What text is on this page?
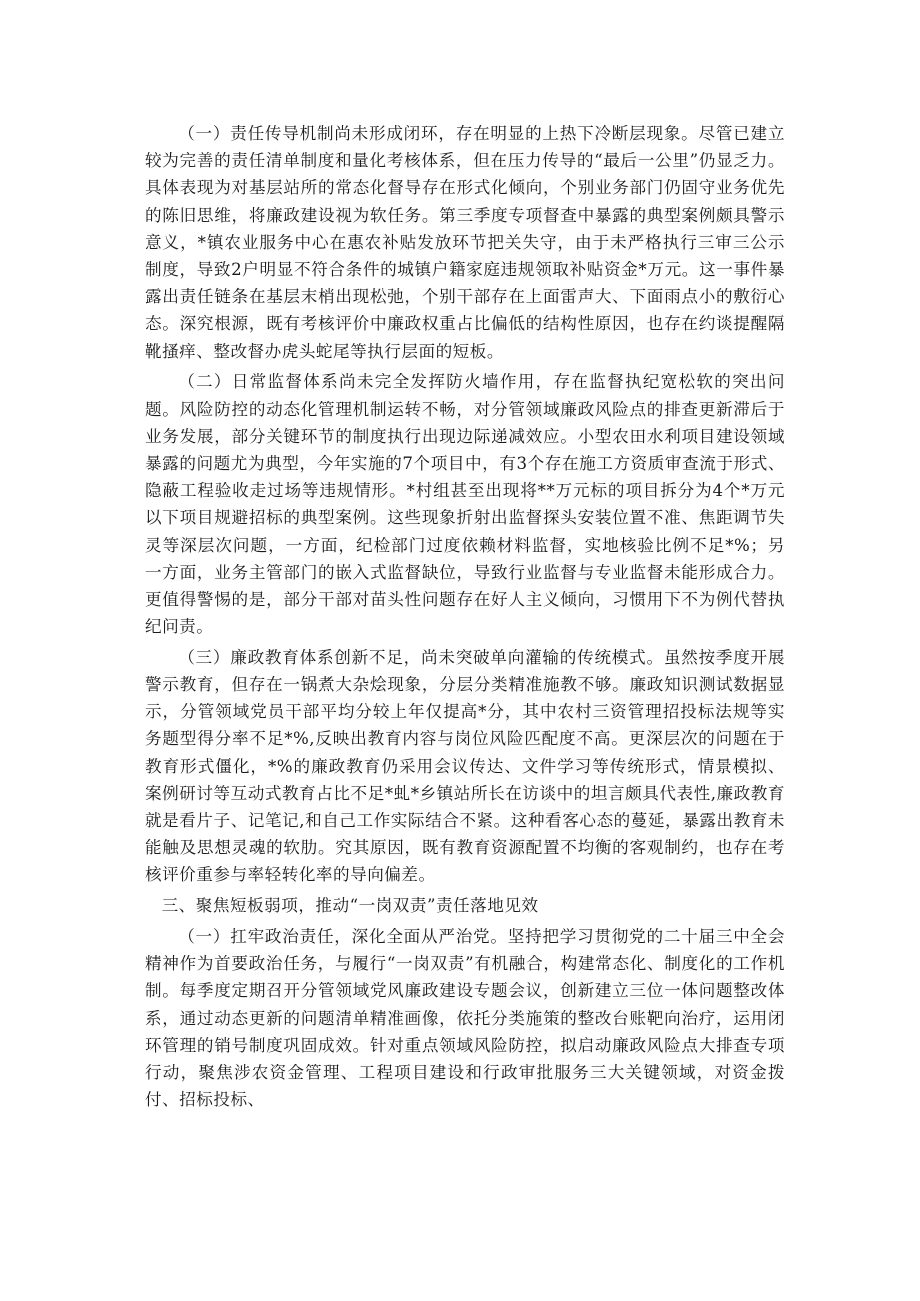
（一）责任传导机制尚未形成闭环，存在明显的上热下冷断层现象。尽管已建立较为完善的责任清单制度和量化考核体系，但在压力传导的“最后一公里”仍显乏力。具体表现为对基层站所的常态化督导存在形式化倾向，个别业务部门仍固守业务优先的陈旧思维，将廉政建设视为软任务。第三季度专项督查中暴露的典型案例颇具警示意义，*镇农业服务中心在惠农补贴发放环节把关失守，由于未严格执行三审三公示制度，导致2户明显不符合条件的城镇户籍家庭违规领取补贴资金*万元。这一事件暴露出责任链条在基层末梢出现松弛，个别干部存在上面雷声大、下面雨点小的敷衍心态。深究根源，既有考核评价中廉政权重占比偏低的结构性原因，也存在约谈提醒隔靴搔痒、整改督办虎头蛇尾等执行层面的短板。

（二）日常监督体系尚未完全发挥防火墙作用，存在监督执纪宽松软的突出问题。风险防控的动态化管理机制运转不畅，对分管领域廉政风险点的排查更新滞后于业务发展，部分关键环节的制度执行出现边际递减效应。小型农田水利项目建设领域暴露的问题尤为典型，今年实施的7个项目中，有3个存在施工方资质审查流于形式、隐蔽工程验收走过场等违规情形。*村组甚至出现将**万元标的项目拆分为4个*万元以下项目规避招标的典型案例。这些现象折射出监督探头安装位置不准、焦距调节失灵等深层次问题，一方面，纪检部门过度依赖材料监督，实地核验比例不足*%；另一方面，业务主管部门的嵌入式监督缺位，导致行业监督与专业监督未能形成合力。更值得警惕的是，部分干部对苗头性问题存在好人主义倾向，习惯用下不为例代替执纪问责。

（三）廉政教育体系创新不足，尚未突破单向灌输的传统模式。虽然按季度开展警示教育，但存在一锅煮大杂烩现象，分层分类精准施教不够。廉政知识测试数据显示，分管领域党员干部平均分较上年仅提高*分，其中农村三资管理招投标法规等实务题型得分率不足*%,反映出教育内容与岗位风险匹配度不高。更深层次的问题在于教育形式僵化，*%的廉政教育仍采用会议传达、文件学习等传统形式，情景模拟、案例研讨等互动式教育占比不足*虬*乡镇站所长在访谈中的坦言颇具代表性,廉政教育就是看片子、记笔记,和自己工作实际结合不紧。这种看客心态的蔓延，暴露出教育未能触及思想灵魂的软肋。究其原因，既有教育资源配置不均衡的客观制约，也存在考核评价重参与率轻转化率的导向偏差。

三、聚焦短板弱项，推动“一岗双责”责任落地见效

（一）扛牢政治责任，深化全面从严治党。坚持把学习贯彻党的二十届三中全会精神作为首要政治任务，与履行“一岗双责”有机融合，构建常态化、制度化的工作机制。每季度定期召开分管领域党风廉政建设专题会议，创新建立三位一体问题整改体系，通过动态更新的问题清单精准画像，依托分类施策的整改台账靶向治疗，运用闭环管理的销号制度巩固成效。针对重点领域风险防控，拟启动廉政风险点大排查专项行动，聚焦涉农资金管理、工程项目建设和行政审批服务三大关键领域，对资金拨付、招标投标、
